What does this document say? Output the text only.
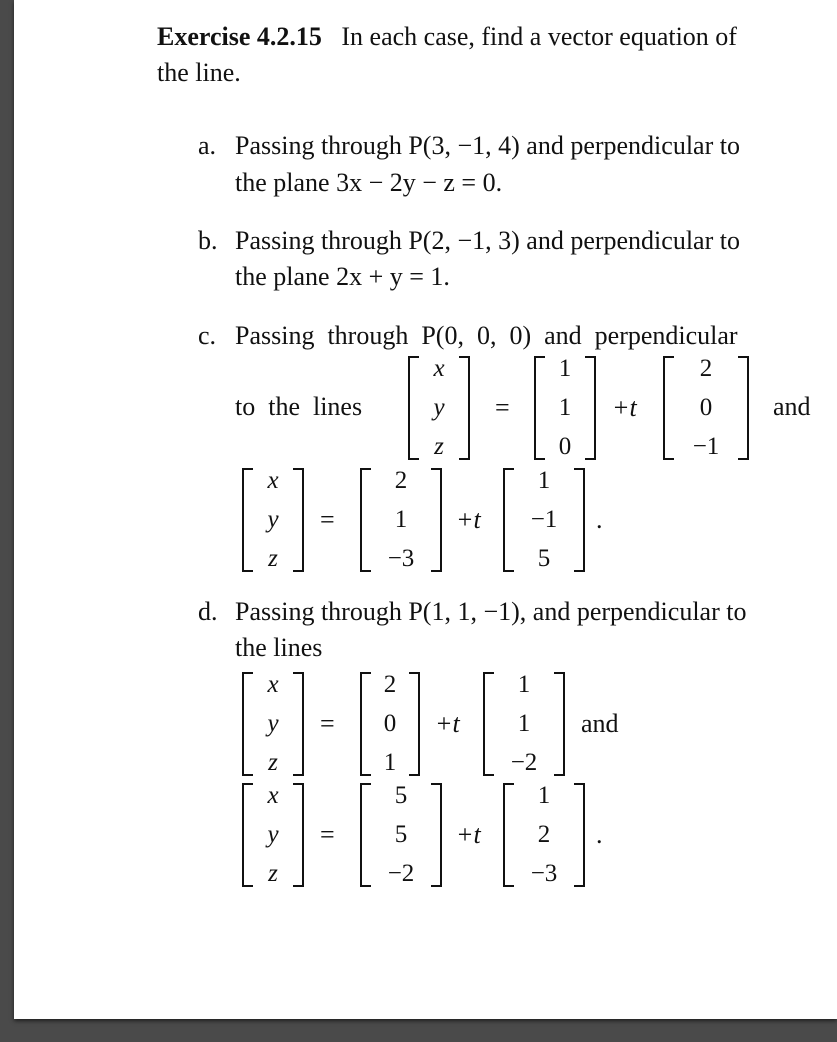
Exercise 4.2.15 In each case, find a vector equation of
the line.
a. Passing through P(3, −1, 4) and perpendicular to
the plane 3x − 2y − z = 0.
b. Passing through P(2, −1, 3) and perpendicular to
the plane 2x + y = 1.
c. Passing  through  P(0,  0,  0)  and  perpendicular
to  the  lines
x
y
z
=
1
1
0
+t
2
0
−1
and
x
y
z
=
2
1
−3
+t
1
−1
5
.
d. Passing through P(1, 1, −1), and perpendicular to
the lines
x
y
z
=
2
0
1
+t
1
1
−2
and
x
y
z
=
5
5
−2
+t
1
2
−3
.
